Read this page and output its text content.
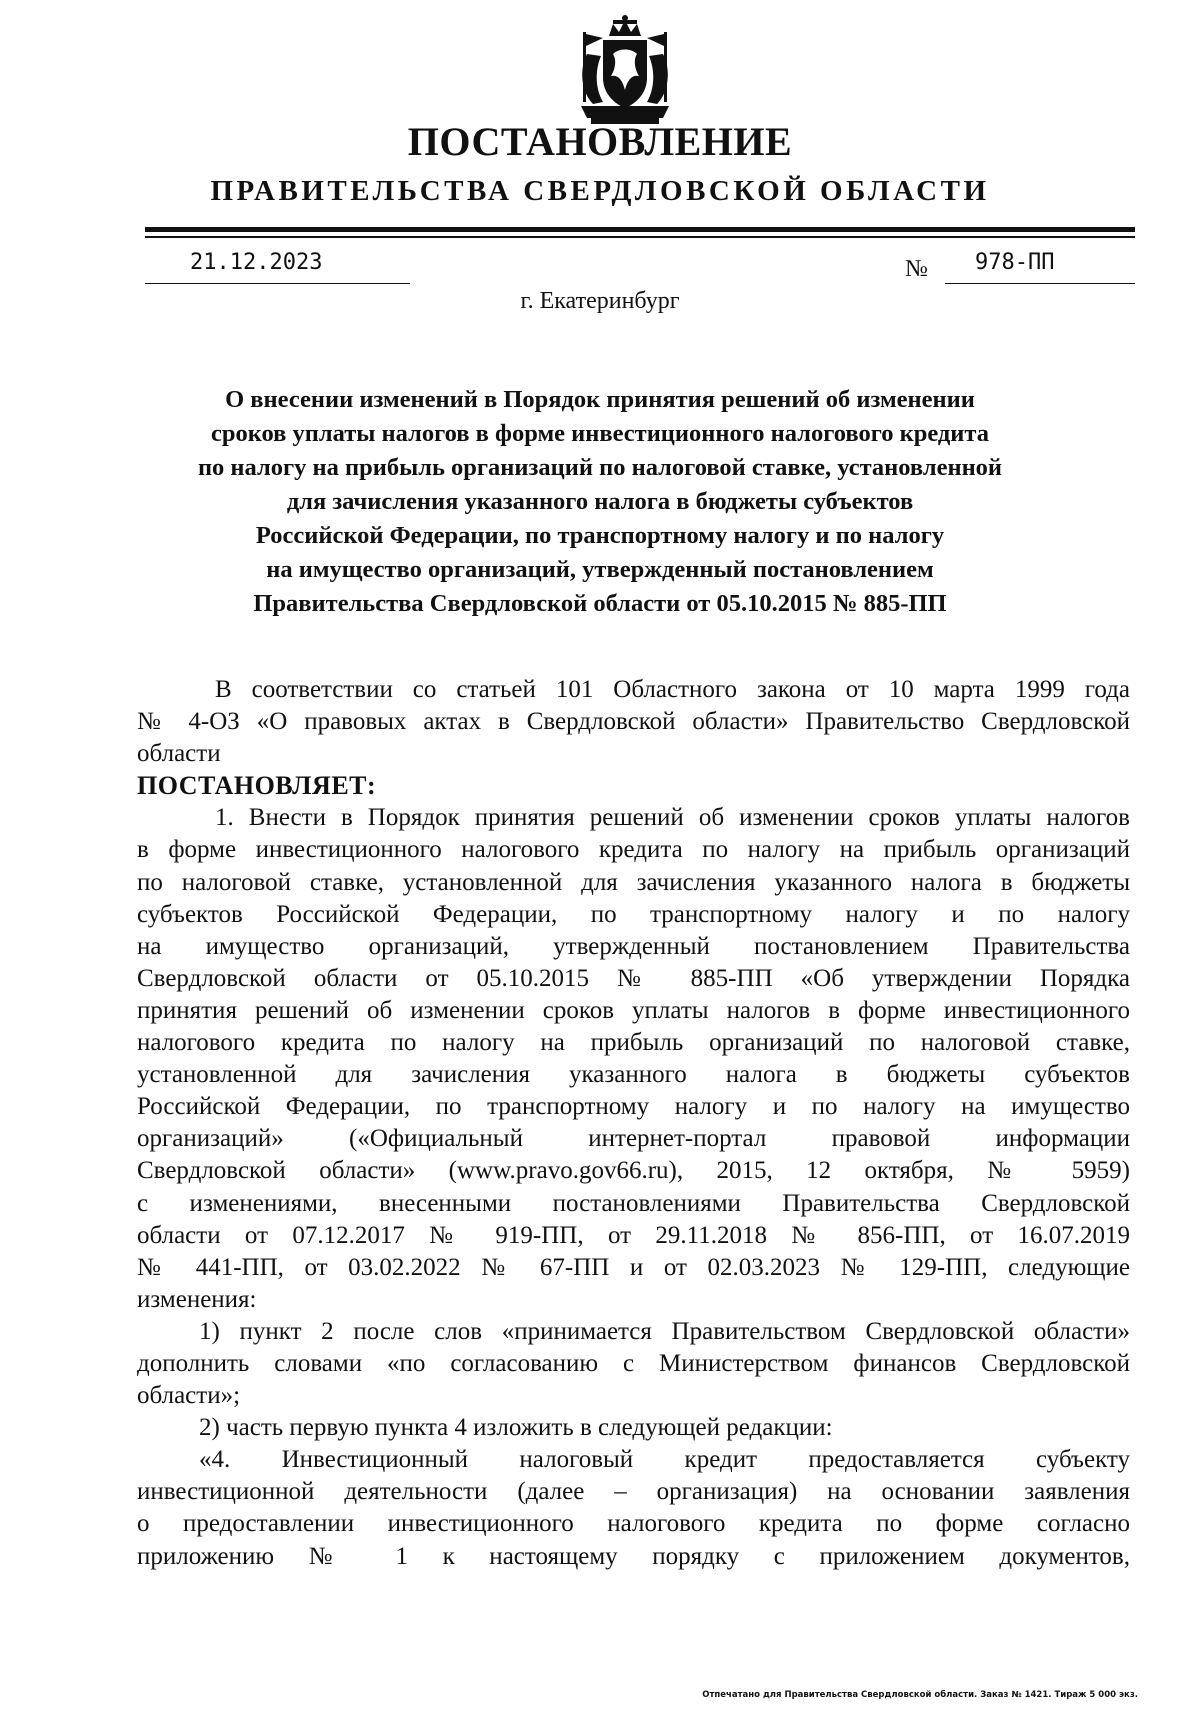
ПОСТАНОВЛЕНИЕ
ПРАВИТЕЛЬСТВА СВЕРДЛОВСКОЙ ОБЛАСТИ
21.12.2023	№ 978-ПП
г. Екатеринбург
О внесении изменений в Порядок принятия решений об изменении
сроков уплаты налогов в форме инвестиционного налогового кредита
по налогу на прибыль организаций по налоговой ставке, установленной
для зачисления указанного налога в бюджеты субъектов
Российской Федерации, по транспортному налогу и по налогу
на имущество организаций, утвержденный постановлением
Правительства Свердловской области от 05.10.2015 № 885-ПП
В соответствии со статьей 101 Областного закона от 10 марта 1999 года
№ 4-ОЗ «О правовых актах в Свердловской области» Правительство Свердловской
области
ПОСТАНОВЛЯЕТ:
1. Внести в Порядок принятия решений об изменении сроков уплаты налогов
в форме инвестиционного налогового кредита по налогу на прибыль организаций
по налоговой ставке, установленной для зачисления указанного налога в бюджеты
субъектов Российской Федерации, по транспортному налогу и по налогу
на имущество организаций, утвержденный постановлением Правительства
Свердловской области от 05.10.2015 № 885-ПП «Об утверждении Порядка
принятия решений об изменении сроков уплаты налогов в форме инвестиционного
налогового кредита по налогу на прибыль организаций по налоговой ставке,
установленной для зачисления указанного налога в бюджеты субъектов
Российской Федерации, по транспортному налогу и по налогу на имущество
организаций» («Официальный интернет-портал правовой информации
Свердловской области» (www.pravo.gov66.ru), 2015, 12 октября, № 5959)
с изменениями, внесенными постановлениями Правительства Свердловской
области от 07.12.2017 № 919-ПП, от 29.11.2018 № 856-ПП, от 16.07.2019
№ 441-ПП, от 03.02.2022 № 67-ПП и от 02.03.2023 № 129-ПП, следующие
изменения:
1) пункт 2 после слов «принимается Правительством Свердловской области»
дополнить словами «по согласованию с Министерством финансов Свердловской
области»;
2) часть первую пункта 4 изложить в следующей редакции:
«4. Инвестиционный налоговый кредит предоставляется субъекту
инвестиционной деятельности (далее – организация) на основании заявления
о предоставлении инвестиционного налогового кредита по форме согласно
приложению № 1 к настоящему порядку с приложением документов,
Отпечатано для Правительства Свердловской области. Заказ № 1421. Тираж 5 000 экз.
